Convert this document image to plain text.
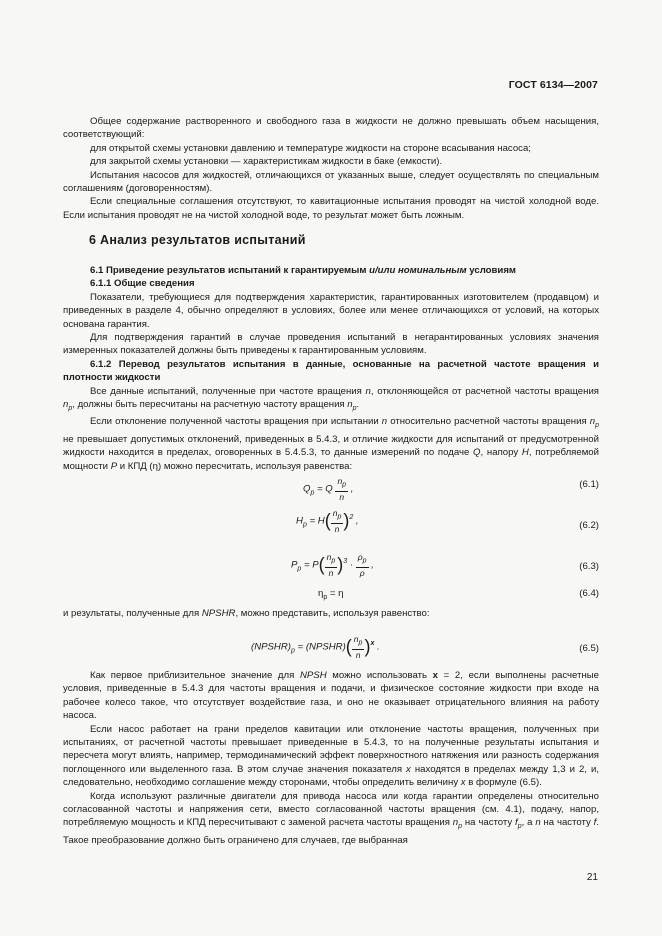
ГОСТ 6134—2007

Общее содержание растворенного и свободного газа в жидкости не должно превышать объем насыщения, соответствующий:

для открытой схемы установки давлению и температуре жидкости на стороне всасывания насоса;

для закрытой схемы установки — характеристикам жидкости в баке (емкости).

Испытания насосов для жидкостей, отличающихся от указанных выше, следует осуществлять по специальным соглашениям (договоренностям).

Если специальные соглашения отсутствуют, то кавитационные испытания проводят на чистой холодной воде. Если испытания проводят не на чистой холодной воде, то результат может быть ложным.

6 Анализ результатов испытаний

6.1 Приведение результатов испытаний к гарантируемым и/или номинальным условиям

6.1.1 Общие сведения

Показатели, требующиеся для подтверждения характеристик, гарантированных изготовителем (продавцом) и приведенных в разделе 4, обычно определяют в условиях, более или менее отличающихся от условий, на которых основана гарантия.

Для подтверждения гарантий в случае проведения испытаний в негарантированных условиях значения измеренных показателей должны быть приведены к гарантированным условиям.

6.1.2 Перевод результатов испытания в данные, основанные на расчетной частоте вращения и плотности жидкости

Все данные испытаний, полученные при частоте вращения n, отклоняющейся от расчетной частоты вращения $n_p$, должны быть пересчитаны на расчетную частоту вращения $n_p$.

Если отклонение полученной частоты вращения при испытании n относительно расчетной частоты вращения $n_p$ не превышает допустимых отклонений, приведенных в 5.4.3, и отличие жидкости для испытаний от предусмотренной жидкости находится в пределах, оговоренных в 5.4.5.3, то данные измерений по подаче Q, напору H, потребляемой мощности P и КПД (η) можно пересчитать, используя равенства:

$Q_p = Q \frac{n_p}{n}$ ,	(6.1)
$H_p = H( \frac{n_p}{n} )^2$ ,	(6.2)
$P_p = P( \frac{n_p}{n} )^3 \cdot \frac{\rho_p}{\rho}$ ,	(6.3)
$\eta_p = \eta$	(6.4)

и результаты, полученные для NPSHR, можно представить, используя равенство:

$(NPSHR)_p$ = (NPSHR)( $\frac{n_p}{n} )^x$ .	(6.5)

Как первое приблизительное значение для NPSH можно использовать x = 2, если выполнены расчетные условия, приведенные в 5.4.3 для частоты вращения и подачи, и физическое состояние жидкости при входе на рабочее колесо такое, что отсутствует воздействие газа, и оно не оказывает отрицательного влияния на работу насоса.

Если насос работает на грани пределов кавитации или отклонение частоты вращения, полученных при испытаниях, от расчетной частоты превышает приведенные в 5.4.3, то на полученные результаты испытания и пересчета могут влиять, например, термодинамический эффект поверхностного натяжения или разность содержания поглощенного или выделенного газа. В этом случае значения показателя x находятся в пределах между 1,3 и 2, и, следовательно, необходимо соглашение между сторонами, чтобы определить величину x в формуле (6.5).

Когда используют различные двигатели для привода насоса или когда гарантии определены относительно согласованной частоты и напряжения сети, вместо согласованной частоты вращения (см. 4.1), подачу, напор, потребляемую мощность и КПД пересчитывают с заменой расчета частоты вращения $n_p$ на частоту $f_p$, а n на частоту f. Такое преобразование должно быть ограничено для случаев, где выбранная

21
